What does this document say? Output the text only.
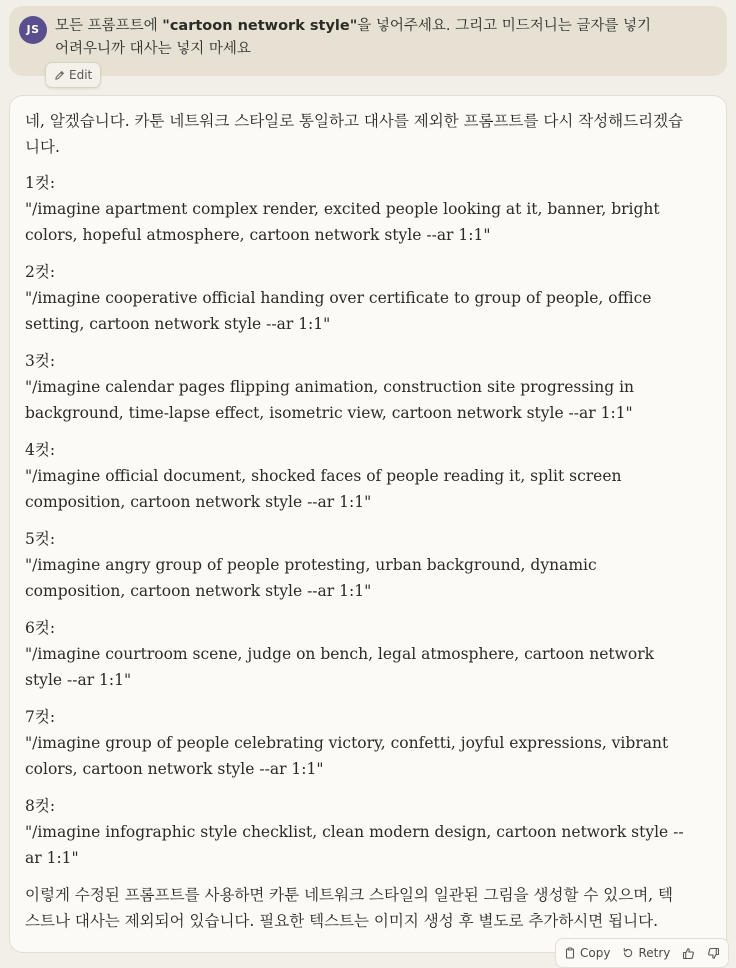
JS	모든 프롬프트에 "cartoon network style"을 넣어주세요. 그리고 미드저니는 글자를 넣기 어려우니까 대사는 넣지 마세요
Edit

네, 알겠습니다. 카툰 네트워크 스타일로 통일하고 대사를 제외한 프롬프트를 다시 작성해드리겠습니다.

1컷:
"/imagine apartment complex render, excited people looking at it, banner, bright colors, hopeful atmosphere, cartoon network style --ar 1:1"
2컷:
"/imagine cooperative official handing over certificate to group of people, office setting, cartoon network style --ar 1:1"
3컷:
"/imagine calendar pages flipping animation, construction site progressing in background, time-lapse effect, isometric view, cartoon network style --ar 1:1"
4컷:
"/imagine official document, shocked faces of people reading it, split screen composition, cartoon network style --ar 1:1"
5컷:
"/imagine angry group of people protesting, urban background, dynamic composition, cartoon network style --ar 1:1"
6컷:
"/imagine courtroom scene, judge on bench, legal atmosphere, cartoon network style --ar 1:1"
7컷:
"/imagine group of people celebrating victory, confetti, joyful expressions, vibrant colors, cartoon network style --ar 1:1"
8컷:
"/imagine infographic style checklist, clean modern design, cartoon network style --ar 1:1"

이렇게 수정된 프롬프트를 사용하면 카툰 네트워크 스타일의 일관된 그림을 생성할 수 있으며, 텍스트나 대사는 제외되어 있습니다. 필요한 텍스트는 이미지 생성 후 별도로 추가하시면 됩니다.

Copy Retry
